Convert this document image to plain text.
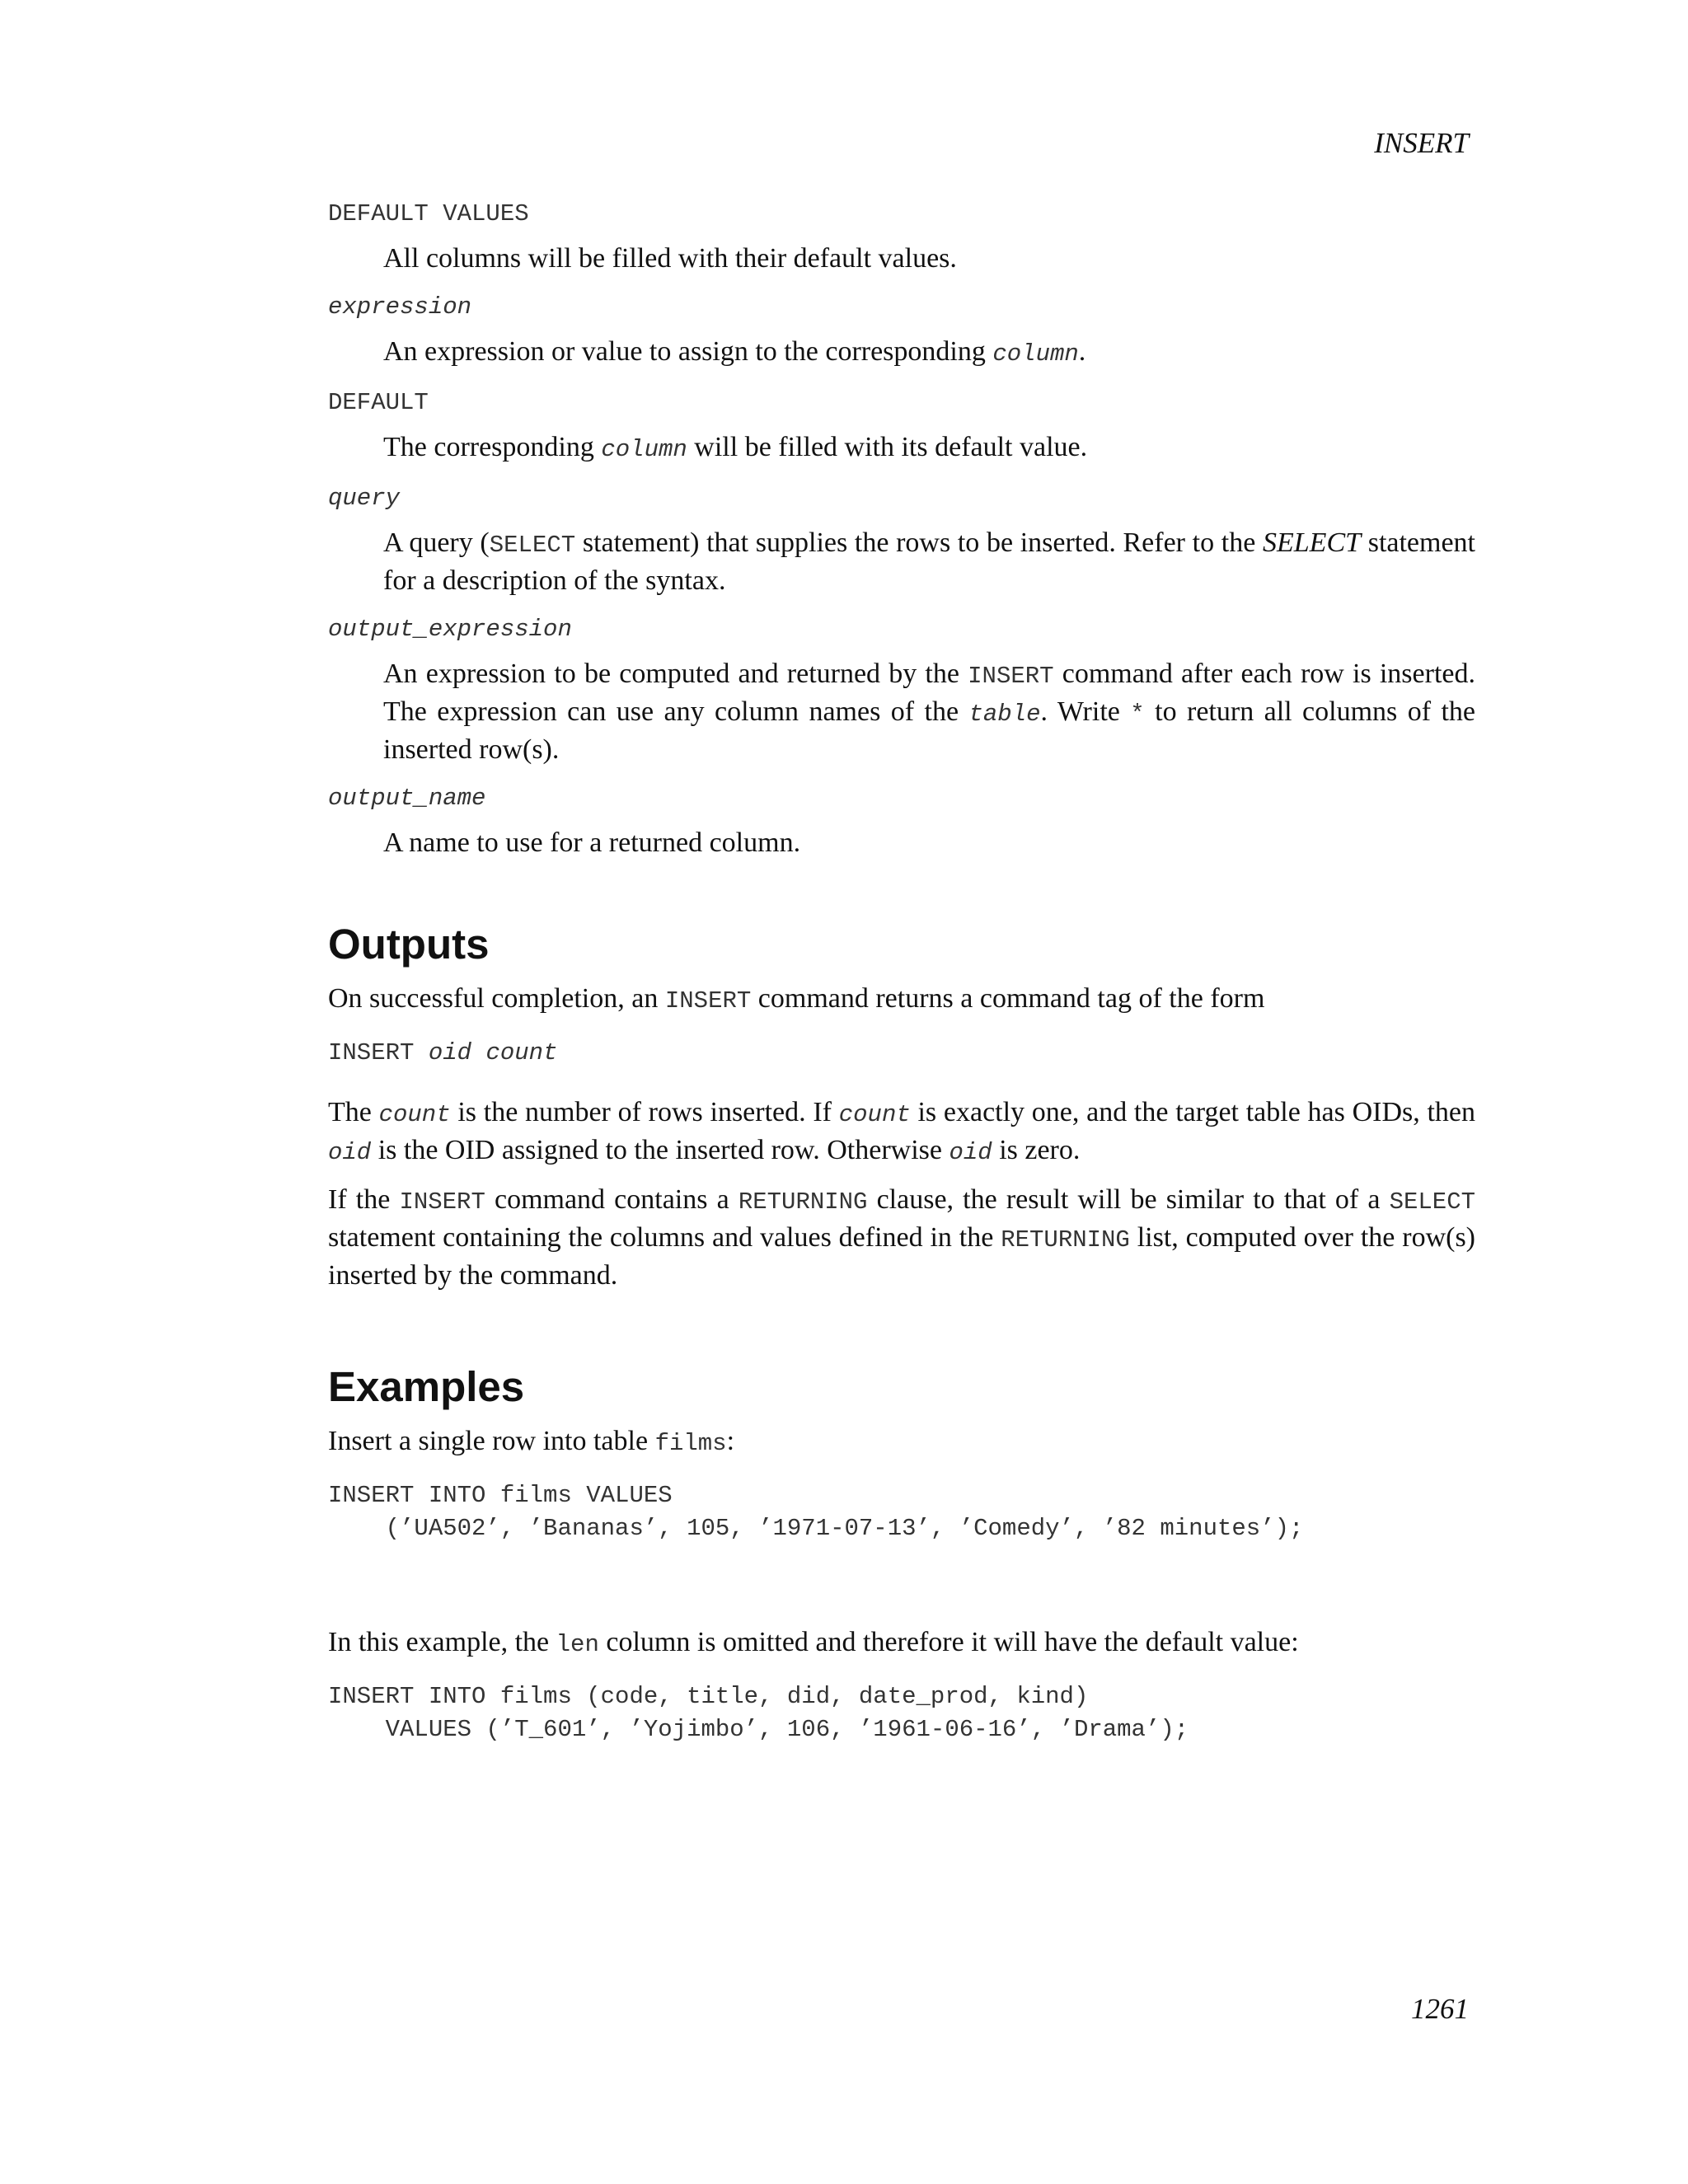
INSERT
DEFAULT VALUES
All columns will be filled with their default values.
expression
An expression or value to assign to the corresponding column.
DEFAULT
The corresponding column will be filled with its default value.
query
A query (SELECT statement) that supplies the rows to be inserted. Refer to the SELECT statement for a description of the syntax.
output_expression
An expression to be computed and returned by the INSERT command after each row is inserted. The expression can use any column names of the table. Write * to return all columns of the inserted row(s).
output_name
A name to use for a returned column.
Outputs

On successful completion, an INSERT command returns a command tag of the form

INSERT oid count

The count is the number of rows inserted. If count is exactly one, and the target table has OIDs, then oid is the OID assigned to the inserted row. Otherwise oid is zero.

If the INSERT command contains a RETURNING clause, the result will be similar to that of a SELECT statement containing the columns and values defined in the RETURNING list, computed over the row(s) inserted by the command.

Examples

Insert a single row into table films:

INSERT INTO films VALUES
(’UA502’, ’Bananas’, 105, ’1971-07-13’, ’Comedy’, ’82 minutes’);

In this example, the len column is omitted and therefore it will have the default value:

INSERT INTO films (code, title, did, date_prod, kind)
VALUES (’T_601’, ’Yojimbo’, 106, ’1961-06-16’, ’Drama’);
1261
